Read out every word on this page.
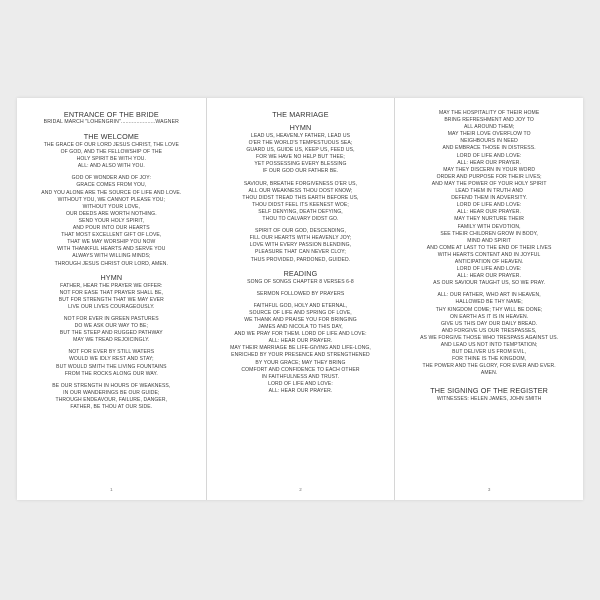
ENTRANCE OF THE BRIDE
BRIDAL MARCH "LOHENGRIN"......................WAGNER
THE WELCOME
THE GRACE OF OUR LORD JESUS CHRIST, THE LOVE
OF GOD, AND THE FELLOWSHIP OF THE
HOLY SPIRIT BE WITH YOU.
ALL: AND ALSO WITH YOU.
GOD OF WONDER AND OF JOY:
GRACE COMES FROM YOU,
AND YOU ALONE ARE THE SOURCE OF LIFE AND LOVE.
WITHOUT YOU, WE CANNOT PLEASE YOU;
WITHOUT YOUR LOVE,
OUR DEEDS ARE WORTH NOTHING.
SEND YOUR HOLY SPIRIT,
AND POUR INTO OUR HEARTS
THAT MOST EXCELLENT GIFT OF LOVE,
THAT WE MAY WORSHIP YOU NOW
WITH THANKFUL HEARTS AND SERVE YOU
ALWAYS WITH WILLING MINDS;
THROUGH JESUS CHRIST OUR LORD, AMEN.
HYMN
FATHER, HEAR THE PRAYER WE OFFER:
NOT FOR EASE THAT PRAYER SHALL BE,
BUT FOR STRENGTH THAT WE MAY EVER
LIVE OUR LIVES COURAGEOUSLY.
NOT FOR EVER IN GREEN PASTURES
DO WE ASK OUR WAY TO BE;
BUT THE STEEP AND RUGGED PATHWAY
MAY WE TREAD REJOICINGLY.
NOT FOR EVER BY STILL WATERS
WOULD WE IDLY REST AND STAY;
BUT WOULD SMITH THE LIVING FOUNTAINS
FROM THE ROCKS ALONG OUR WAY.
BE OUR STRENGTH IN HOURS OF WEAKNESS,
IN OUR WANDERINGS BE OUR GUIDE;
THROUGH ENDEAVOUR, FAILURE, DANGER,
FATHER, BE THOU AT OUR SIDE.
1
THE MARRIAGE
HYMN
LEAD US, HEAVENLY FATHER, LEAD US
O'ER THE WORLD'S TEMPESTUOUS SEA;
GUARD US, GUIDE US, KEEP US, FEED US,
FOR WE HAVE NO HELP BUT THEE;
YET POSSESSING EVERY BLESSING
IF OUR GOD OUR FATHER BE.
SAVIOUR, BREATHE FORGIVENESS O'ER US,
ALL OUR WEAKNESS THOU DOST KNOW;
THOU DIDST TREAD THIS EARTH BEFORE US,
THOU DIDST FEEL ITS KEENEST WOE;
SELF DENYING, DEATH DEFYING,
THOU TO CALVARY DIDST GO.
SPIRIT OF OUR GOD, DESCENDING,
FILL OUR HEARTS WITH HEAVENLY JOY;
LOVE WITH EVERY PASSION BLENDING,
PLEASURE THAT CAN NEVER CLOY;
THUS PROVIDED, PARDONED, GUIDED.
READING
SONG OF SONGS CHAPTER 8 VERSES 6-8
SERMON FOLLOWED BY PRAYERS
FAITHFUL GOD, HOLY AND ETERNAL,
SOURCE OF LIFE AND SPRING OF LOVE,
WE THANK AND PRAISE YOU FOR BRINGING
JAMES AND NICOLA TO THIS DAY,
AND WE PRAY FOR THEM. LORD OF LIFE AND LOVE:
ALL: HEAR OUR PRAYER.
MAY THEIR MARRIAGE BE LIFE-GIVING AND LIFE-LONG,
ENRICHED BY YOUR PRESENCE AND STRENGTHENED
BY YOUR GRACE; MAY THEY BRING
COMFORT AND CONFIDENCE TO EACH OTHER
IN FAITHFULNESS AND TRUST.
LORD OF LIFE AND LOVE:
ALL: HEAR OUR PRAYER.
2
MAY THE HOSPITALITY OF THEIR HOME
BRING REFRESHMENT AND JOY TO
ALL AROUND THEM;
MAY THEIR LOVE OVERFLOW TO
NEIGHBOURS IN NEED
AND EMBRACE THOSE IN DISTRESS.
LORD OF LIFE AND LOVE:
ALL: HEAR OUR PRAYER.
MAY THEY DISCERN IN YOUR WORD
ORDER AND PURPOSE FOR THEIR LIVES;
AND MAY THE POWER OF YOUR HOLY SPIRIT
LEAD THEM IN TRUTH AND
DEFEND THEM IN ADVERSITY.
LORD OF LIFE AND LOVE:
ALL: HEAR OUR PRAYER.
MAY THEY NURTURE THEIR
FAMILY WITH DEVOTION,
SEE THEIR CHILDREN GROW IN BODY,
MIND AND SPIRIT
AND COME AT LAST TO THE END OF THEIR LIVES
WITH HEARTS CONTENT AND IN JOYFUL
ANTICIPATION OF HEAVEN.
LORD OF LIFE AND LOVE:
ALL: HEAR OUR PRAYER.
AS OUR SAVIOUR TAUGHT US, SO WE PRAY.
ALL: OUR FATHER, WHO ART IN HEAVEN,
HALLOWED BE THY NAME;
THY KINGDOM COME; THY WILL BE DONE;
ON EARTH AS IT IS IN HEAVEN.
GIVE US THIS DAY OUR DAILY BREAD.
AND FORGIVE US OUR TRESPASSES,
AS WE FORGIVE THOSE WHO TRESPASS AGAINST US.
AND LEAD US NOT INTO TEMPTATION;
BUT DELIVER US FROM EVIL,
FOR THINE IS THE KINGDOM,
THE POWER AND THE GLORY, FOR EVER AND EVER.
AMEN.
THE SIGNING OF THE REGISTER
WITNESSES: HELEN JAMES, JOHN SMITH
3
